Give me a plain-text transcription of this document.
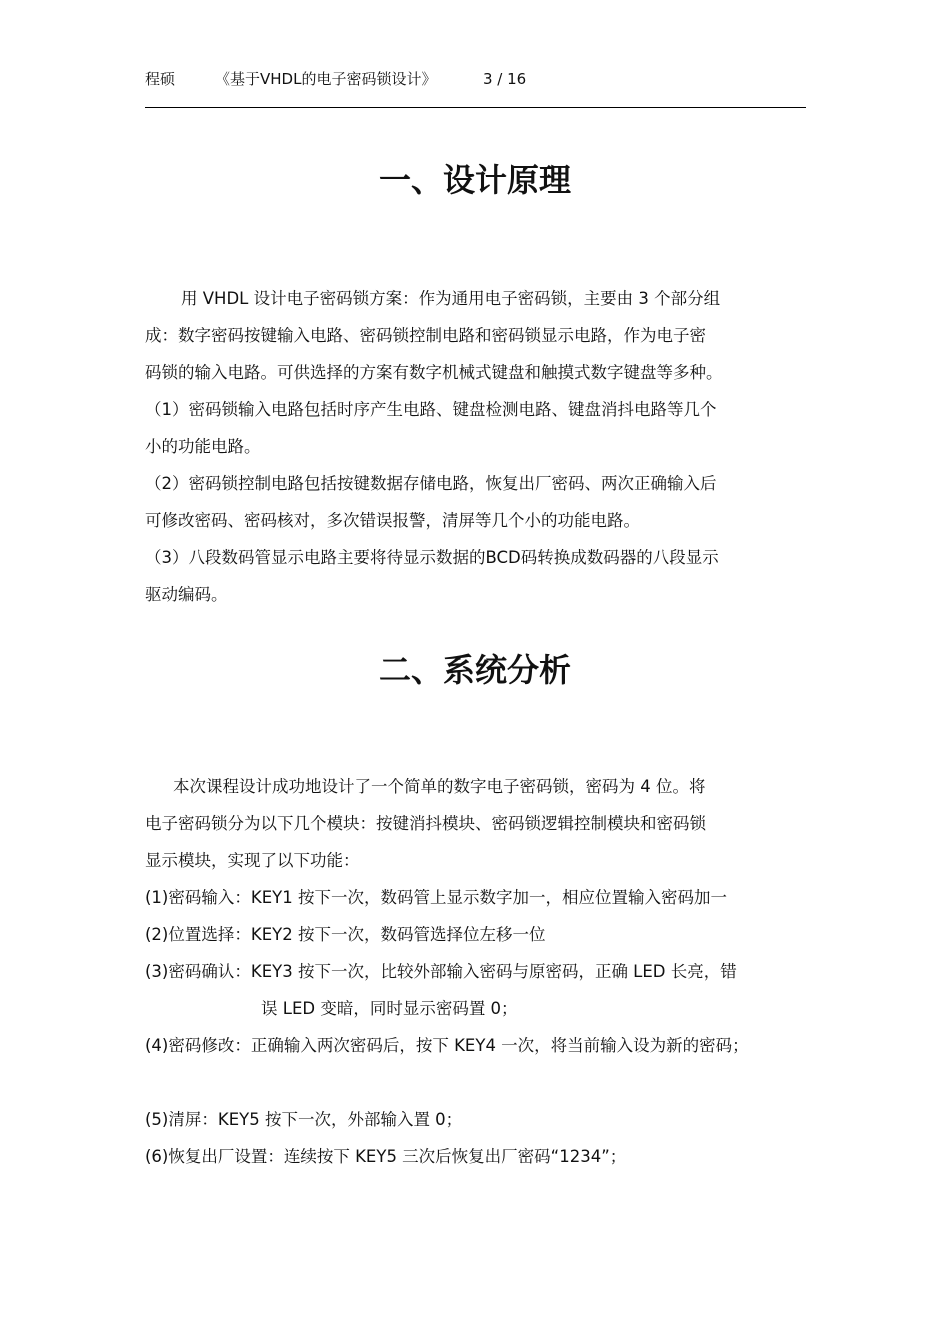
程硕	《基于VHDL的电子密码锁设计》	3 / 16
一、设计原理

用 VHDL 设计电子密码锁方案：作为通用电子密码锁，主要由 3 个部分组

成：数字密码按键输入电路、密码锁控制电路和密码锁显示电路，作为电子密

码锁的输入电路。可供选择的方案有数字机械式键盘和触摸式数字键盘等多种。

（1）密码锁输入电路包括时序产生电路、键盘检测电路、键盘消抖电路等几个

小的功能电路。

（2）密码锁控制电路包括按键数据存储电路，恢复出厂密码、两次正确输入后

可修改密码、密码核对，多次错误报警，清屏等几个小的功能电路。

（3）八段数码管显示电路主要将待显示数据的BCD码转换成数码器的八段显示

驱动编码。

二、系统分析

本次课程设计成功地设计了一个简单的数字电子密码锁，密码为 4 位。将

电子密码锁分为以下几个模块：按键消抖模块、密码锁逻辑控制模块和密码锁

显示模块，实现了以下功能：

(1)密码输入：KEY1 按下一次，数码管上显示数字加一，相应位置输入密码加一

(2)位置选择：KEY2 按下一次，数码管选择位左移一位

(3)密码确认：KEY3 按下一次，比较外部输入密码与原密码，正确 LED 长亮，错

误 LED 变暗，同时显示密码置 0；

(4)密码修改：正确输入两次密码后，按下 KEY4 一次，将当前输入设为新的密码；

(5)清屏：KEY5 按下一次，外部输入置 0；

(6)恢复出厂设置：连续按下 KEY5 三次后恢复出厂密码“1234”；
